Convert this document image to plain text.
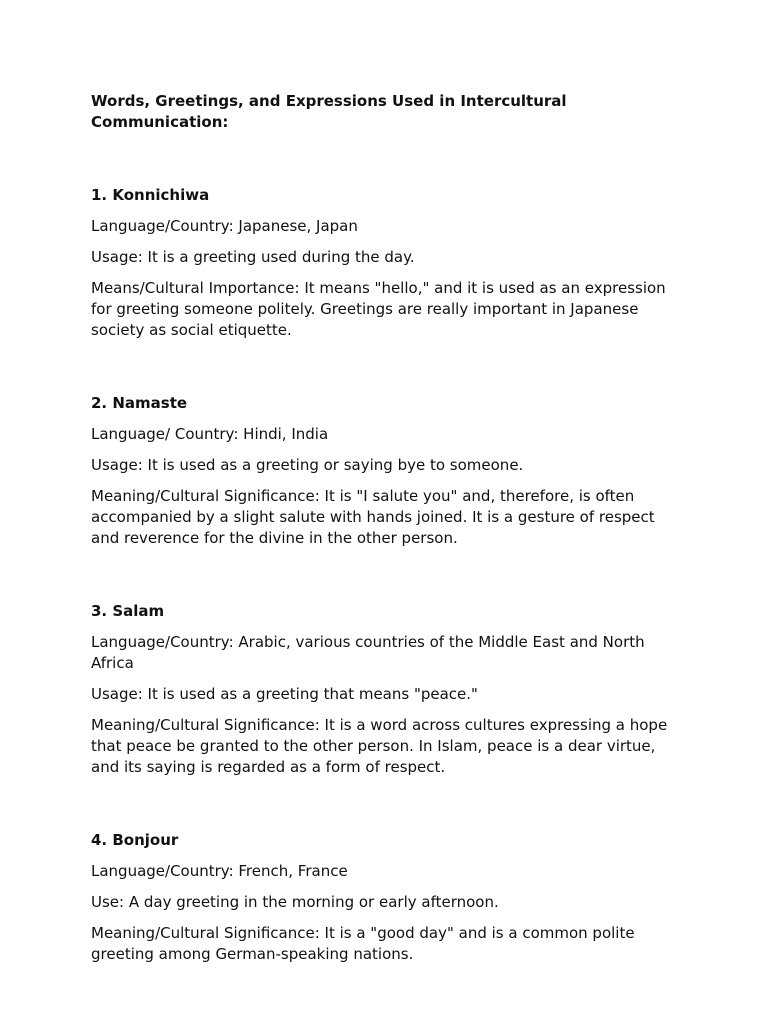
Words, Greetings, and Expressions Used in Intercultural Communication:
1. Konnichiwa

Language/Country: Japanese, Japan

Usage: It is a greeting used during the day.

Means/Cultural Importance: It means "hello," and it is used as an expression for greeting someone politely. Greetings are really important in Japanese society as social etiquette.

2. Namaste

Language/ Country: Hindi, India

Usage: It is used as a greeting or saying bye to someone.

Meaning/Cultural Significance: It is "I salute you" and, therefore, is often accompanied by a slight salute with hands joined. It is a gesture of respect and reverence for the divine in the other person.

3. Salam

Language/Country: Arabic, various countries of the Middle East and North Africa

Usage: It is used as a greeting that means "peace."

Meaning/Cultural Significance: It is a word across cultures expressing a hope that peace be granted to the other person. In Islam, peace is a dear virtue, and its saying is regarded as a form of respect.

4. Bonjour

Language/Country: French, France

Use: A day greeting in the morning or early afternoon.

Meaning/Cultural Significance: It is a "good day" and is a common polite greeting among German-speaking nations.
